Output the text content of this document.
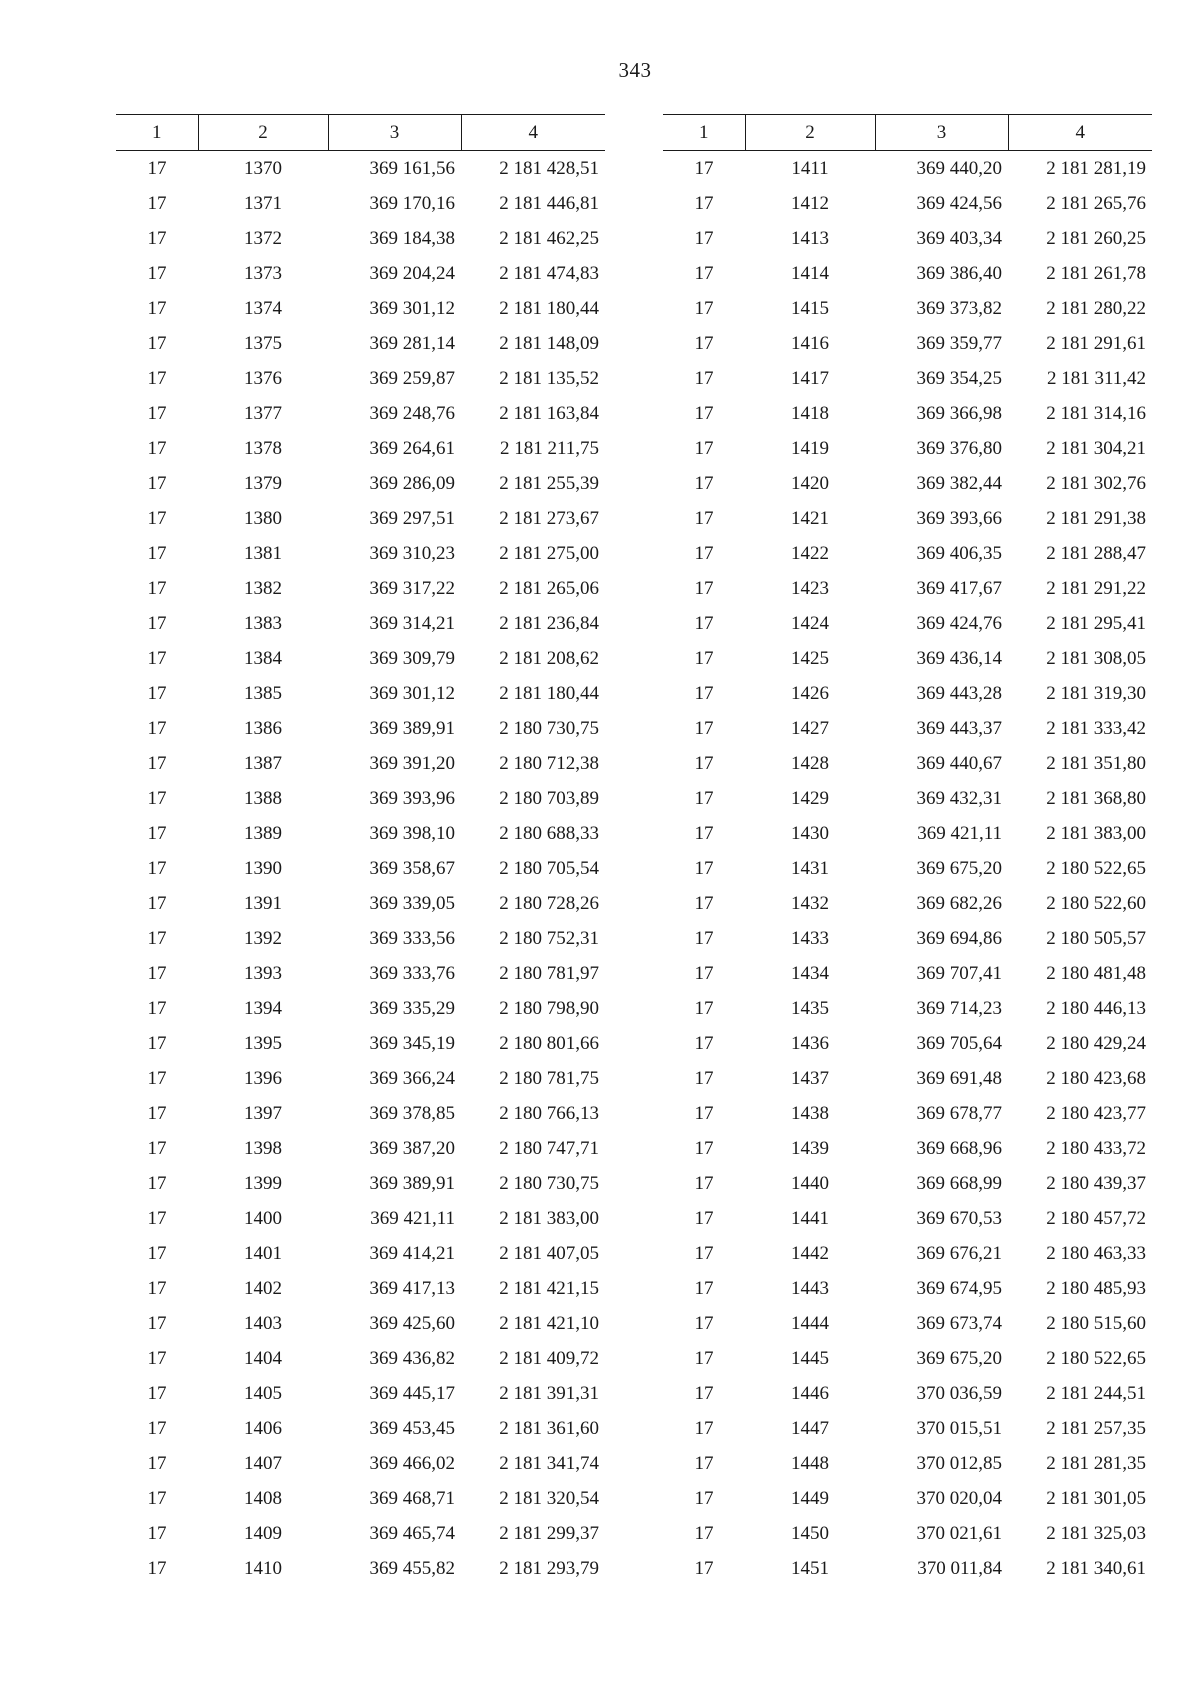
343
1	2	3	4
17	1370	369 161,56	2 181 428,51
17	1371	369 170,16	2 181 446,81
17	1372	369 184,38	2 181 462,25
17	1373	369 204,24	2 181 474,83
17	1374	369 301,12	2 181 180,44
17	1375	369 281,14	2 181 148,09
17	1376	369 259,87	2 181 135,52
17	1377	369 248,76	2 181 163,84
17	1378	369 264,61	2 181 211,75
17	1379	369 286,09	2 181 255,39
17	1380	369 297,51	2 181 273,67
17	1381	369 310,23	2 181 275,00
17	1382	369 317,22	2 181 265,06
17	1383	369 314,21	2 181 236,84
17	1384	369 309,79	2 181 208,62
17	1385	369 301,12	2 181 180,44
17	1386	369 389,91	2 180 730,75
17	1387	369 391,20	2 180 712,38
17	1388	369 393,96	2 180 703,89
17	1389	369 398,10	2 180 688,33
17	1390	369 358,67	2 180 705,54
17	1391	369 339,05	2 180 728,26
17	1392	369 333,56	2 180 752,31
17	1393	369 333,76	2 180 781,97
17	1394	369 335,29	2 180 798,90
17	1395	369 345,19	2 180 801,66
17	1396	369 366,24	2 180 781,75
17	1397	369 378,85	2 180 766,13
17	1398	369 387,20	2 180 747,71
17	1399	369 389,91	2 180 730,75
17	1400	369 421,11	2 181 383,00
17	1401	369 414,21	2 181 407,05
17	1402	369 417,13	2 181 421,15
17	1403	369 425,60	2 181 421,10
17	1404	369 436,82	2 181 409,72
17	1405	369 445,17	2 181 391,31
17	1406	369 453,45	2 181 361,60
17	1407	369 466,02	2 181 341,74
17	1408	369 468,71	2 181 320,54
17	1409	369 465,74	2 181 299,37
17	1410	369 455,82	2 181 293,79
1	2	3	4
17	1411	369 440,20	2 181 281,19
17	1412	369 424,56	2 181 265,76
17	1413	369 403,34	2 181 260,25
17	1414	369 386,40	2 181 261,78
17	1415	369 373,82	2 181 280,22
17	1416	369 359,77	2 181 291,61
17	1417	369 354,25	2 181 311,42
17	1418	369 366,98	2 181 314,16
17	1419	369 376,80	2 181 304,21
17	1420	369 382,44	2 181 302,76
17	1421	369 393,66	2 181 291,38
17	1422	369 406,35	2 181 288,47
17	1423	369 417,67	2 181 291,22
17	1424	369 424,76	2 181 295,41
17	1425	369 436,14	2 181 308,05
17	1426	369 443,28	2 181 319,30
17	1427	369 443,37	2 181 333,42
17	1428	369 440,67	2 181 351,80
17	1429	369 432,31	2 181 368,80
17	1430	369 421,11	2 181 383,00
17	1431	369 675,20	2 180 522,65
17	1432	369 682,26	2 180 522,60
17	1433	369 694,86	2 180 505,57
17	1434	369 707,41	2 180 481,48
17	1435	369 714,23	2 180 446,13
17	1436	369 705,64	2 180 429,24
17	1437	369 691,48	2 180 423,68
17	1438	369 678,77	2 180 423,77
17	1439	369 668,96	2 180 433,72
17	1440	369 668,99	2 180 439,37
17	1441	369 670,53	2 180 457,72
17	1442	369 676,21	2 180 463,33
17	1443	369 674,95	2 180 485,93
17	1444	369 673,74	2 180 515,60
17	1445	369 675,20	2 180 522,65
17	1446	370 036,59	2 181 244,51
17	1447	370 015,51	2 181 257,35
17	1448	370 012,85	2 181 281,35
17	1449	370 020,04	2 181 301,05
17	1450	370 021,61	2 181 325,03
17	1451	370 011,84	2 181 340,61
